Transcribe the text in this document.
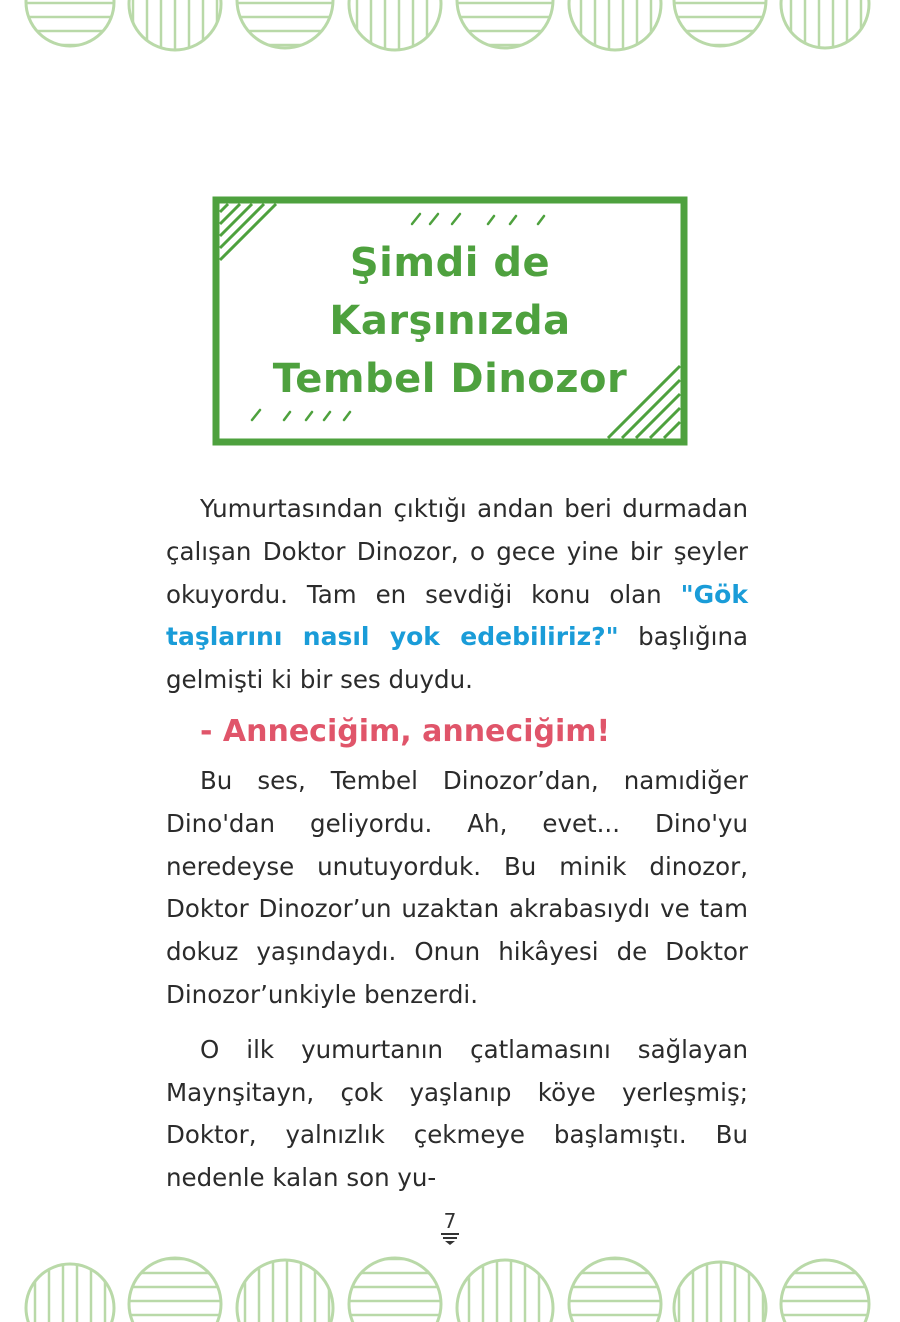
Şimdi de
Karşınızda
Tembel Dinozor

Yumurtasından çıktığı andan beri durmadan çalışan Doktor Dinozor, o gece yine bir şeyler okuyordu. Tam en sevdiği konu olan "Gök taşlarını nasıl yok edebiliriz?" başlığına gelmişti ki bir ses duydu.

- Anneciğim, anneciğim!

Bu ses, Tembel Dinozor’dan, namıdiğer Dino'dan geliyordu. Ah, evet... Dino'yu neredeyse unutuyorduk. Bu minik dinozor, Doktor Dinozor’un uzaktan akrabasıydı ve tam dokuz yaşındaydı. Onun hikâyesi de Doktor Dinozor’unkiyle benzerdi.

O ilk yumurtanın çatlamasını sağlayan Maynşitayn, çok yaşlanıp köye yerleşmiş; Doktor, yalnızlık çekmeye başlamıştı. Bu nedenle kalan son yu-

7
